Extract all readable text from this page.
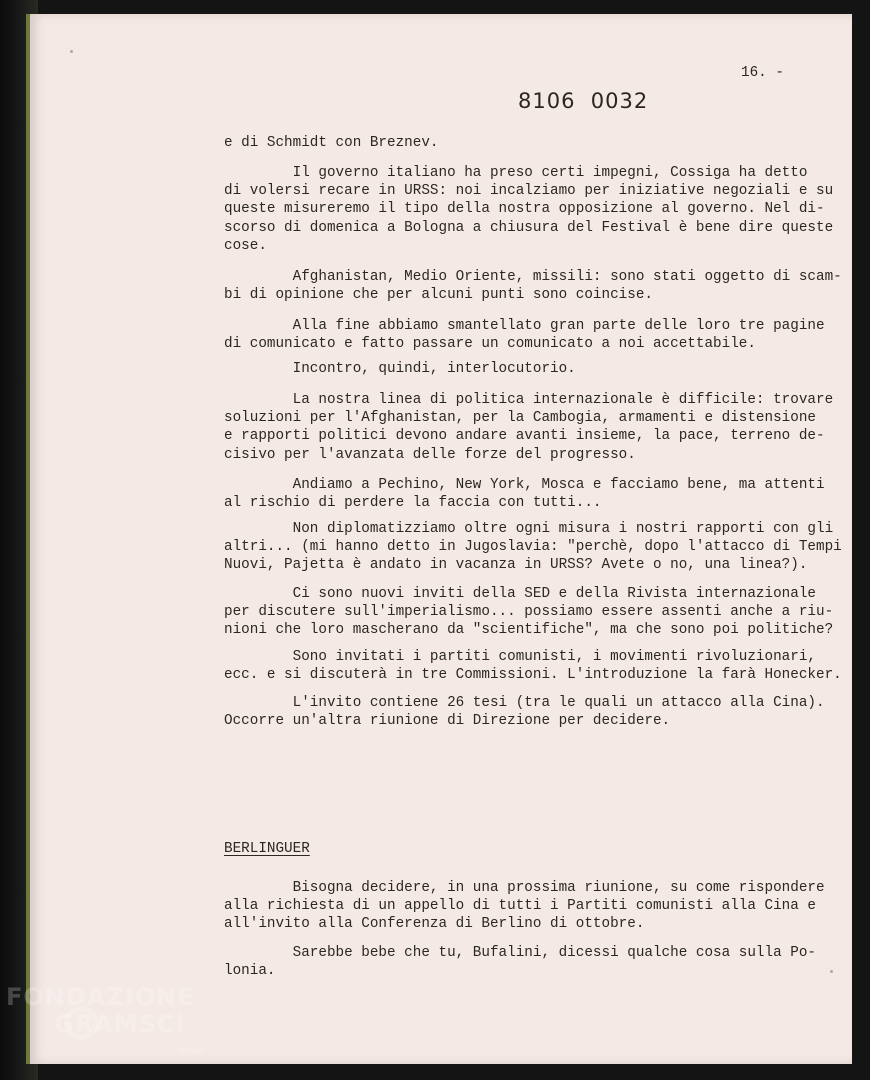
16. -
8106  0032
e di Schmidt con Breznev.
Il governo italiano ha preso certi impegni, Cossiga ha detto
di volersi recare in URSS: noi incalziamo per iniziative negoziali e su
queste misureremo il tipo della nostra opposizione al governo. Nel di-
scorso di domenica a Bologna a chiusura del Festival è bene dire queste
cose.
Afghanistan, Medio Oriente, missili: sono stati oggetto di scam-
bi di opinione che per alcuni punti sono coincise.
Alla fine abbiamo smantellato gran parte delle loro tre pagine
di comunicato e fatto passare un comunicato a noi accettabile.
Incontro, quindi, interlocutorio.
La nostra linea di politica internazionale è difficile: trovare
soluzioni per l'Afghanistan, per la Cambogia, armamenti e distensione
e rapporti politici devono andare avanti insieme, la pace, terreno de-
cisivo per l'avanzata delle forze del progresso.
Andiamo a Pechino, New York, Mosca e facciamo bene, ma attenti
al rischio di perdere la faccia con tutti...
Non diplomatizziamo oltre ogni misura i nostri rapporti con gli
altri... (mi hanno detto in Jugoslavia: "perchè, dopo l'attacco di Tempi
Nuovi, Pajetta è andato in vacanza in URSS? Avete o no, una linea?).
Ci sono nuovi inviti della SED e della Rivista internazionale
per discutere sull'imperialismo... possiamo essere assenti anche a riu-
nioni che loro mascherano da "scientifiche", ma che sono poi politiche?
Sono invitati i partiti comunisti, i movimenti rivoluzionari,
ecc. e si discuterà in tre Commissioni. L'introduzione la farà Honecker.
L'invito contiene 26 tesi (tra le quali un attacco alla Cina).
Occorre un'altra riunione di Direzione per decidere.
BERLINGUER
Bisogna decidere, in una prossima riunione, su come rispondere
alla richiesta di un appello di tutti i Partiti comunisti alla Cina e
all'invito alla Conferenza di Berlino di ottobre.
Sarebbe bebe che tu, Bufalini, dicessi qualche cosa sulla Po-
lonia.
FONDAZIONE
GRAMSCI
onlus
